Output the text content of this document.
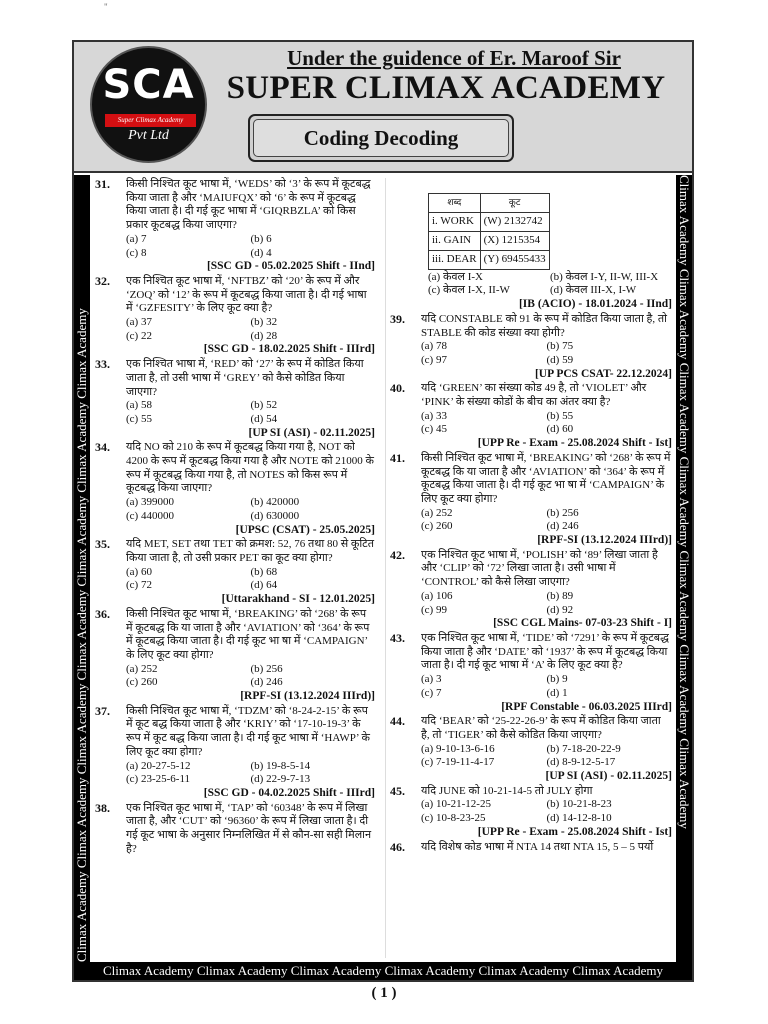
"
SCA
Super Climax Academy
Pvt Ltd
Under the guidence of Er. Maroof Sir
SUPER CLIMAX ACADEMY
Coding Decoding
Climax Academy Climax Academy Climax Academy Climax Academy Climax Academy Climax Academy Climax Academy	Climax Academy Climax Academy Climax Academy Climax Academy Climax Academy Climax Academy Climax Academy
31. किसी निश्चित कूट भाषा में, ‘WEDS’ को ‘3’ के रूप में कूटबद्ध किया जाता है और ‘MAIUFQX’ को ‘6’ के रूप में कूटबद्ध किया जाता है। दी गई कूट भाषा में ‘GIQRBZLA’ को किस प्रकार कूटबद्ध किया जाएगा?
(a) 7	(b) 6
(c) 8	(d) 4
[SSC GD - 05.02.2025 Shift - IInd]
32. एक निश्चित कूट भाषा में, ‘NFTBZ’ को ‘20’ के रूप में और ‘ZOQ’ को ‘12’ के रूप में कूटबद्ध किया जाता है। दी गई भाषा में ‘GZFESITY’ के लिए कूट क्या है?
(a) 37	(b) 32
(c) 22	(d) 28
[SSC GD - 18.02.2025 Shift - IIIrd]
33. एक निश्चित भाषा में, ‘RED’ को ‘27’ के रूप में कोडित किया जाता है, तो उसी भाषा में ‘GREY’ को कैसे कोडित किया जाएगा?
(a) 58	(b) 52
(c) 55	(d) 54
[UP SI (ASI) - 02.11.2025]
34. यदि NO को 210 के रूप में कूटबद्ध किया गया है, NOT को 4200 के रूप में कूटबद्ध किया गया है और NOTE को 21000 के रूप में कूटबद्ध किया गया है, तो NOTES को किस रूप में कूटबद्ध किया जाएगा?
(a) 399000	(b) 420000
(c) 440000	(d) 630000
[UPSC (CSAT) - 25.05.2025]
35. यदि MET, SET तथा TET को क्रमश: 52, 76 तथा 80 से कूटित किया जाता है, तो उसी प्रकार PET का कूट क्या होगा?
(a) 60	(b) 68
(c) 72	(d) 64
[Uttarakhand - SI - 12.01.2025]
36. किसी निश्चित कूट भाषा में, ‘BREAKING’ को ‘268’ के रूप में कूटबद्ध कि या जाता है और ‘AVIATION’ को ‘364’ के रूप में कूटबद्ध किया जाता है। दी गई कूट भा षा में ‘CAMPAIGN’ के लिए कूट क्या होगा?
(a) 252	(b) 256
(c) 260	(d) 246
[RPF-SI (13.12.2024 IIIrd)]
37. किसी निश्चित कूट भाषा में, ‘TDZM’ को ‘8-24-2-15’ के रूप में कूट बद्ध किया जाता है और ‘KRIY’ को ‘17-10-19-3’ के रूप में कूट बद्ध किया जाता है। दी गई कूट भाषा में ‘HAWP’ के लिए कूट क्या होगा?
(a) 20-27-5-12	(b) 19-8-5-14
(c) 23-25-6-11	(d) 22-9-7-13
[SSC GD - 04.02.2025 Shift - IIIrd]
38. एक निश्चित कूट भाषा में, ‘TAP’ को ‘60348’ के रूप में लिखा जाता है, और ‘CUT’ को ‘96360’ के रूप में लिखा जाता है। दी गई कूट भाषा के अनुसार निम्नलिखित में से कौन-सा सही मिलान है?
शब्द	कूट
i. WORK	(W) 2132742
ii. GAIN	(X) 1215354
iii. DEAR	(Y) 69455433
(a) केवल I-X	(b) केवल I-Y, II-W, III-X
(c) केवल I-X, II-W	(d) केवल III-X, I-W
[IB (ACIO) - 18.01.2024 - IInd]
39. यदि CONSTABLE को 91 के रूप में कोडित किया जाता है, तो STABLE की कोड संख्या क्या होगी?
(a) 78	(b) 75
(c) 97	(d) 59
[UP PCS CSAT- 22.12.2024]
40. यदि ‘GREEN’ का संख्या कोड 49 है, तो ‘VIOLET’ और ‘PINK’ के संख्या कोडों के बीच का अंतर क्या है?
(a) 33	(b) 55
(c) 45	(d) 60
[UPP Re - Exam - 25.08.2024 Shift - Ist]
41. किसी निश्चित कूट भाषा में, ‘BREAKING’ को ‘268’ के रूप में कूटबद्ध कि या जाता है और ‘AVIATION’ को ‘364’ के रूप में कूटबद्ध किया जाता है। दी गई कूट भा षा में ‘CAMPAIGN’ के लिए कूट क्या होगा?
(a) 252	(b) 256
(c) 260	(d) 246
[RPF-SI (13.12.2024 IIIrd)]
42. एक निश्चित कूट भाषा में, ‘POLISH’ को ‘89’ लिखा जाता है और ‘CLIP’ को ‘72’ लिखा जाता है। उसी भाषा में ‘CONTROL’ को कैसे लिखा जाएगा?
(a) 106	(b) 89
(c) 99	(d) 92
[SSC CGL Mains- 07-03-23 Shift - I]
43. एक निश्चित कूट भाषा में, ‘TIDE’ को ‘7291’ के रूप में कूटबद्ध किया जाता है और ‘DATE’ को ‘1937’ के रूप में कूटबद्ध किया जाता है। दी गई कूट भाषा में ‘A’ के लिए कूट क्या है?
(a) 3	(b) 9
(c) 7	(d) 1
[RPF Constable - 06.03.2025 IIIrd]
44. यदि ‘BEAR’ को ‘25-22-26-9’ के रूप में कोडित किया जाता है, तो ‘TIGER’ को कैसे कोडित किया जाएगा?
(a) 9-10-13-6-16	(b) 7-18-20-22-9
(c) 7-19-11-4-17	(d) 8-9-12-5-17
[UP SI (ASI) - 02.11.2025]
45. यदि JUNE को 10-21-14-5 तो JULY होगा
(a) 10-21-12-25	(b) 10-21-8-23
(c) 10-8-23-25	(d) 14-12-8-10
[UPP Re - Exam - 25.08.2024 Shift - Ist]
46. यदि विशेष कोड भाषा में NTA 14 तथा NTA 15, 5 – 5 पर्यो
Climax Academy Climax Academy Climax Academy Climax Academy Climax Academy Climax Academy
( 1 )
